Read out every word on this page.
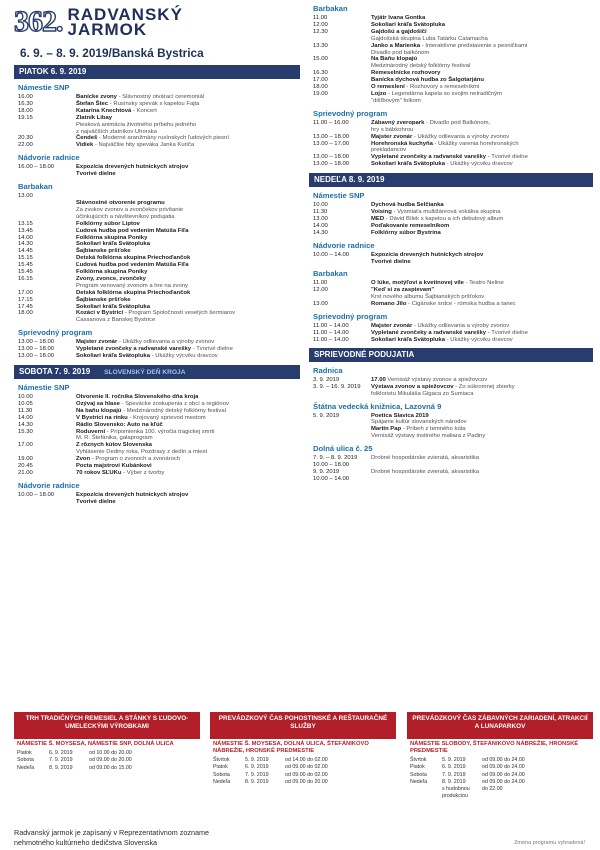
362. RADVANSKÝ
JARMOK
6. 9. – 8. 9. 2019/Banská Bystrica
PIATOK 6. 9. 2019
Námestie SNP
16.00	Banícke zvony - Slávnostný otvárací ceremoniál
16.30	Štefan Štec - Rusínsky spevák s kapelou Fajta
18.00	Katarína Knechtová - Koncert
19.15	Zlatník Libay
Piesková animácia životného príbehu jedného
z najväčších zlatníkov Uhorska
20.30	Čendeš - Moderné aranžmány rusínskych ľudových piesní
22.00	Vidiek - Najväčšie hity speváka Janka Kuriča
Nádvorie radnice
16.00 – 18.00	Expozícia drevených hutníckych strojov
Tvorivé dielne
Barbakan
13.00
Slávnostné otvorenie programu
Za zvukov zvonov a zvončekov privítanie
účinkujúcich a návštevníkov podujatia
13.15	Folklórny súbor Liptov
13.45	Ľudová hudba pod vedením Matúša Fiľa
14.00	Folklórna skupina Poniky
14.30	Sokoliari kráľa Svätopluka
14.45	Šajbianske pršťoke
15.15	Detská folklórna skupina Priechoďančok
15.45	Ľudová hudba pod vedením Matúša Fiľa
15.45	Folklórna skupina Poniky
16.15	Zvony, zvonce, zvončeky
Program venovaný zvonom a hre na zvony
17.00	Detská folklórna skupina Priechoďančok
17.15	Šajbianske pršťoke
17.45	Sokoliari kráľa Svätopluka
18.00	Kozáci v Bystrici - Program Spoločnosti veselých šermiarov
Cassanova z Banskej Bystrice
Sprievodný program
13.00 – 18.00	Majster zvonár - Ukážky odlievania a výroby zvonov
13.00 – 18.00	Vypletané zvončeky a radvanské varešky - Tvorivé dielne
13.00 – 18.00	Sokoliari kráľa Svätopluka - Ukážky výcviku dravcov
SOBOTA 7. 9. 2019 SLOVENSKÝ DEŇ KROJA
Námestie SNP
10.00	Otvorenie II. ročníka Slovenského dňa kroja
10.05	Ozývaj sa hlase - Spevácke zoskupenia z obcí a regiónov
11.30	Na baňu klopajú - Medzinárodný detský folklórny festival
14.00	V Bystrici na rínku - Krojovaný sprievod mestom
14.30	Rádio Slovensko: Auto na kľúč
15.30	Roduverní - Pripomienka 100. výročia tragickej smrti
M. R. Štefánika, galaprogram
17.00	Z rôznych kútov Slovenska
Vyhlásenie Dediny roka, Pozdravy z dedín a miest
19.00	Zvon - Program o zvonoch a zvonároch
20.45	Pocta majstrovi Kubánkovi
21.00	70 rokov SĽUKu - Výber z tvorby
Nádvorie radnice
10.00 – 18.00	Expozícia drevených hutníckych strojov
Tvorivé dielne
Barbakan
11.00	Tyjátr Ivana Gontka
12.00	Sokoliari kráľa Svätopluka
12.30	Gajdošú a gajdošiči
Gajdošská skupina Luba Tatárku Calamacha
13.30	Janko a Marienka - Interaktívne predstavenie s pesničkami
Divadlo pod balkónom
15.00	Na Baňu klopajú
Medzinárodný detský folklórny festival
16.30	Remeselnícke rozhovory
17.00	Banícka dychová hudba zo Šalgotarjánu
18.00	O remeslení - Rozhovory s remeselníkmi
19.00	Lojzo - Legendárna kapela so svojim netradičným
"dišľbovým" folkom
Sprievodný program
11.00 – 16.00	Zábavný zveropark - Divadlo pod Balkónom,
hry s bábkohrou
13.00 – 18.00	Majster zvonár - Ukážky odlievania a výroby zvonov
13.00 – 17.00	Horehronská kuchyňa - Ukážky varenia horehronských
prekladancov
13.00 – 18.00	Vypletané zvončeky a radvanské varešky - Tvorivé dielne
13.00 – 18.00	Sokoliari kráľa Svätopluka - Ukážky výcviku dravcov
NEDEĽA 8. 9. 2019
Námestie SNP
10.00	Dychová hudba Selčianka
11.30	Voising - Vysmiaťa multižánrová vokálna skupina
13.00	MED - Dávid Bílek s kapelou a ich debutový album
14.00	Poďakovanie remeselníkom
14.30	Folklórny súbor Bystrina
Nádvorie radnice
10.00 – 14.00	Expozícia drevených hutníckych strojov
Tvorivé dielne
Barbakan
11.00	O lúke, motýľovi a kvetinovej víle - Teatro Neline
12.00	"Keď si za zaspievam"
Krst nového albumu Šajbianských pršťokov
13.00	Romano Jilo - Cigánske srdce - rómska hudba a tanec
Sprievodný program
11.00 – 14.00	Majster zvonár - Ukážky odlievania a výroby zvonov
11.00 – 14.00	Vypletané zvončeky a radvanské varešky - Tvorivé dielne
11.00 – 14.00	Sokoliari kráľa Svätopluka - Ukážky výcviku dravcov
SPRIEVODNÉ PODUJATIA
Radnica
3. 9. 2019	17.00 Vernisáž výstavy zvonov a spiežovcov
3. 9. – 16. 9. 2019	Výstava zvonov a spiežovcov - Zo súkromnej zbierky
folkloristu Mikuláša Gigaca zo Sumiaca
Štátna vedecká knižnica, Lazovná 9
5. 9. 2019	Poetica Slavica 2019
Spájanie kultúr slovanských národov
Martin Pap - Príbeh z temného kúta
Vernisáž výstavy insitného maliara z Padiny
Dolná ulica č. 25
7. 9. – 8. 9. 2019	Drobné hospodárske zvieratá, akvaristika
10.00 – 18.00
9. 9. 2019	Drobné hospodárske zvieratá, akvaristika
10.00 – 14.00
TRH TRADIČNÝCH REMESIEL A STÁNKY S ĽUDOVO-UMELECKÝMI VÝROBKAMI
NÁMESTIE Š. MOYSESA, NÁMESTIE SNP, DOLNÁ ULICA
Piatok	6. 9. 2019	od 10.00 do 20.00
Sobota	7. 9. 2019	od 09.00 do 20.00
Nedeľa	8. 9. 2019	od 09.00 do 15.00
PREVÁDZKOVÝ ČAS POHOSTINSKÉ A REŠTAURAČNÉ SLUŽBY
NÁMESTIE Š. MOYSESA, DOLNÁ ULICA, ŠTEFÁNIKOVO NÁBREŽIE, HRONSKÉ PREDMESTIE
Štvrtok	5. 9. 2019	od 14.00 do 02.00
Piatok	6. 9. 2019	od 09.00 do 02.00
Sobota	7. 9. 2019	od 09.00 do 02.00
Nedeľa	8. 9. 2019	od 09.00 do 20.00
PREVÁDZKOVÝ ČAS ZÁBAVNÝCH ZARIADENÍ, ATRAKCIÍ A LUNAPARKOV
NÁMESTIE SLOBODY, ŠTEFÁNIKOVO NÁBREŽIE, HRONSKÉ PREDMESTIE
Štvrtok	5. 9. 2019	od 09.00 do 24.00
Piatok	6. 9. 2019	od 09.00 do 24.00
Sobota	7. 9. 2019	od 09.00 do 24.00
Nedeľa	8. 9. 2019	od 09.00 do 24.00
s hudobnou produkciou
do 22.00
Radvanský jarmok je zapísaný v Reprezentatívnom zozname
nehmotného kultúrneho dedičstva Slovenska	Zmena programu vyhradená!
